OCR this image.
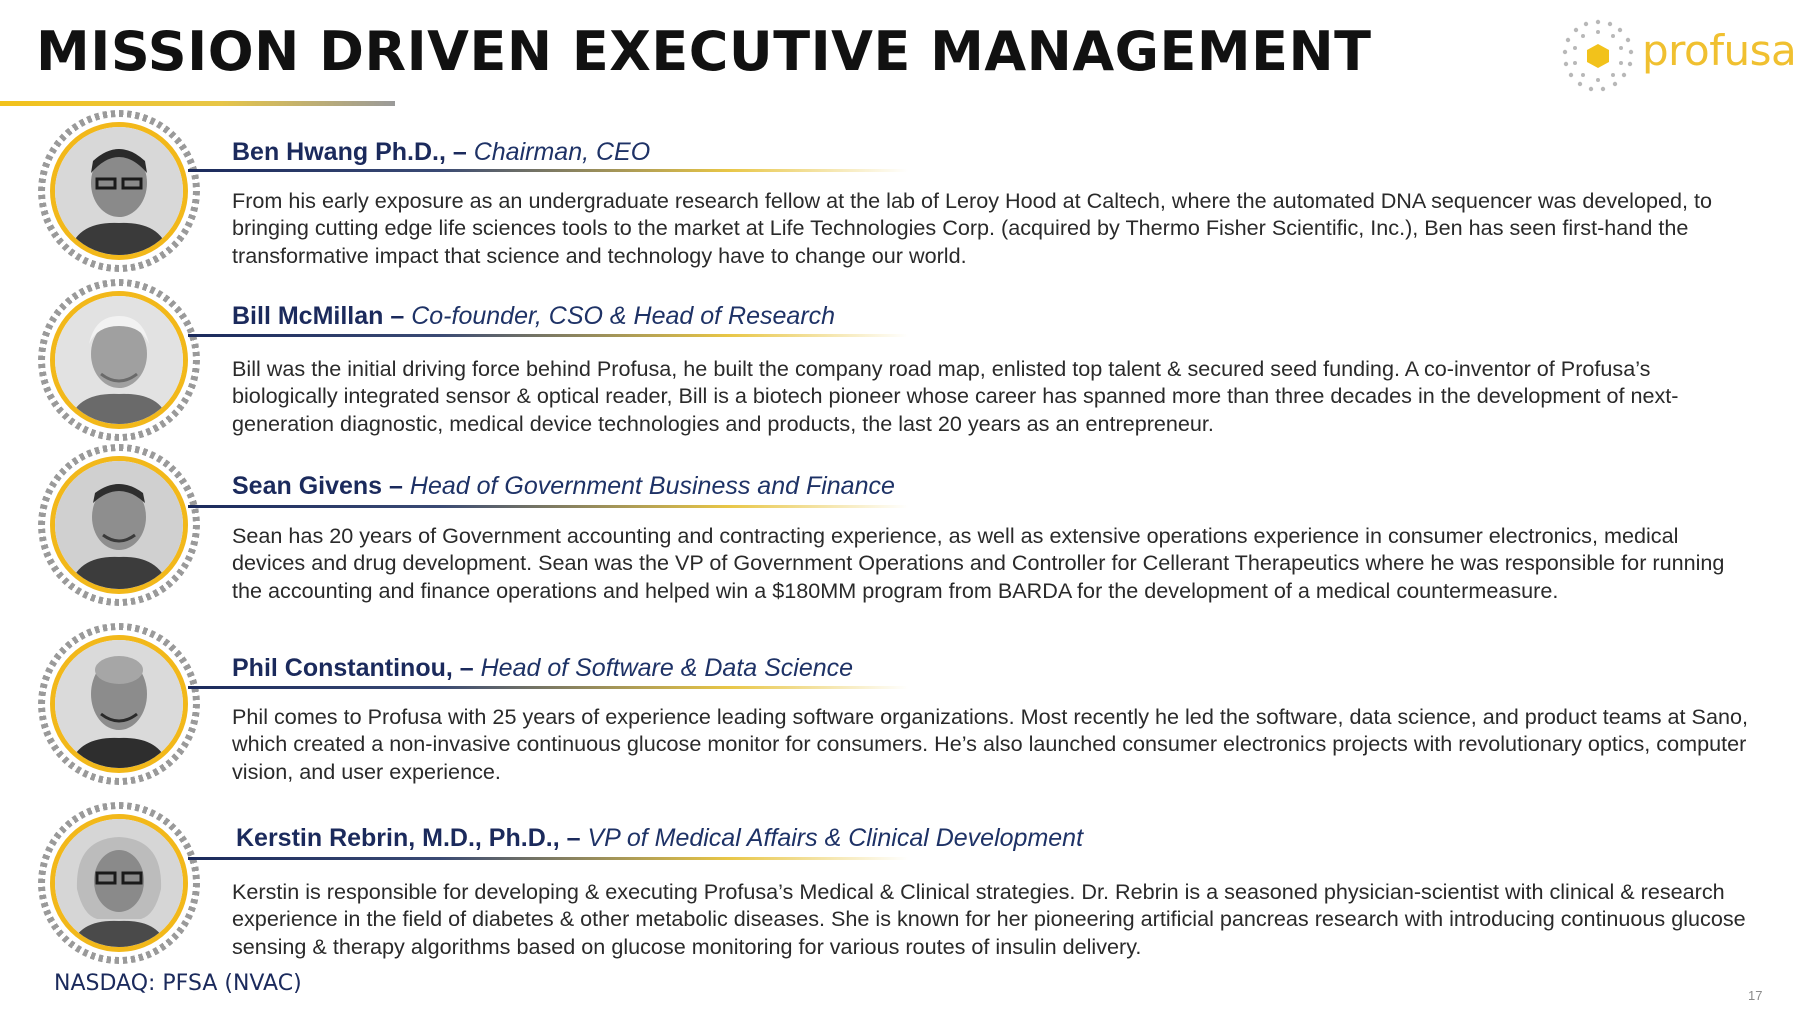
MISSION DRIVEN EXECUTIVE MANAGEMENT	profusa
Ben Hwang Ph.D., – Chairman, CEO

From his early exposure as an undergraduate research fellow at the lab of Leroy Hood at Caltech, where the automated DNA sequencer was developed, to bringing cutting edge life sciences tools to the market at Life Technologies Corp. (acquired by Thermo Fisher Scientific, Inc.), Ben has seen first-hand the transformative impact that science and technology have to change our world.

Bill McMillan – Co-founder, CSO & Head of Research

Bill was the initial driving force behind Profusa, he built the company road map, enlisted top talent & secured seed funding. A co-inventor of Profusa’s biologically integrated sensor & optical reader, Bill is a biotech pioneer whose career has spanned more than three decades in the development of next-generation diagnostic, medical device technologies and products, the last 20 years as an entrepreneur.

Sean Givens – Head of Government Business and Finance

Sean has 20 years of Government accounting and contracting experience, as well as extensive operations experience in consumer electronics, medical devices and drug development. Sean was the VP of Government Operations and Controller for Cellerant Therapeutics where he was responsible for running the accounting and finance operations and helped win a $180MM program from BARDA for the development of a medical countermeasure.

Phil Constantinou, – Head of Software & Data Science

Phil comes to Profusa with 25 years of experience leading software organizations. Most recently he led the software, data science, and product teams at Sano, which created a non-invasive continuous glucose monitor for consumers. He’s also launched consumer electronics projects with revolutionary optics, computer vision, and user experience.

Kerstin Rebrin, M.D., Ph.D., – VP of Medical Affairs & Clinical Development

Kerstin is responsible for developing & executing Profusa’s Medical & Clinical strategies. Dr. Rebrin is a seasoned physician-scientist with clinical & research experience in the field of diabetes & other metabolic diseases. She is known for her pioneering artificial pancreas research with introducing continuous glucose sensing & therapy algorithms based on glucose monitoring for various routes of insulin delivery.

NASDAQ: PFSA (NVAC)	17
